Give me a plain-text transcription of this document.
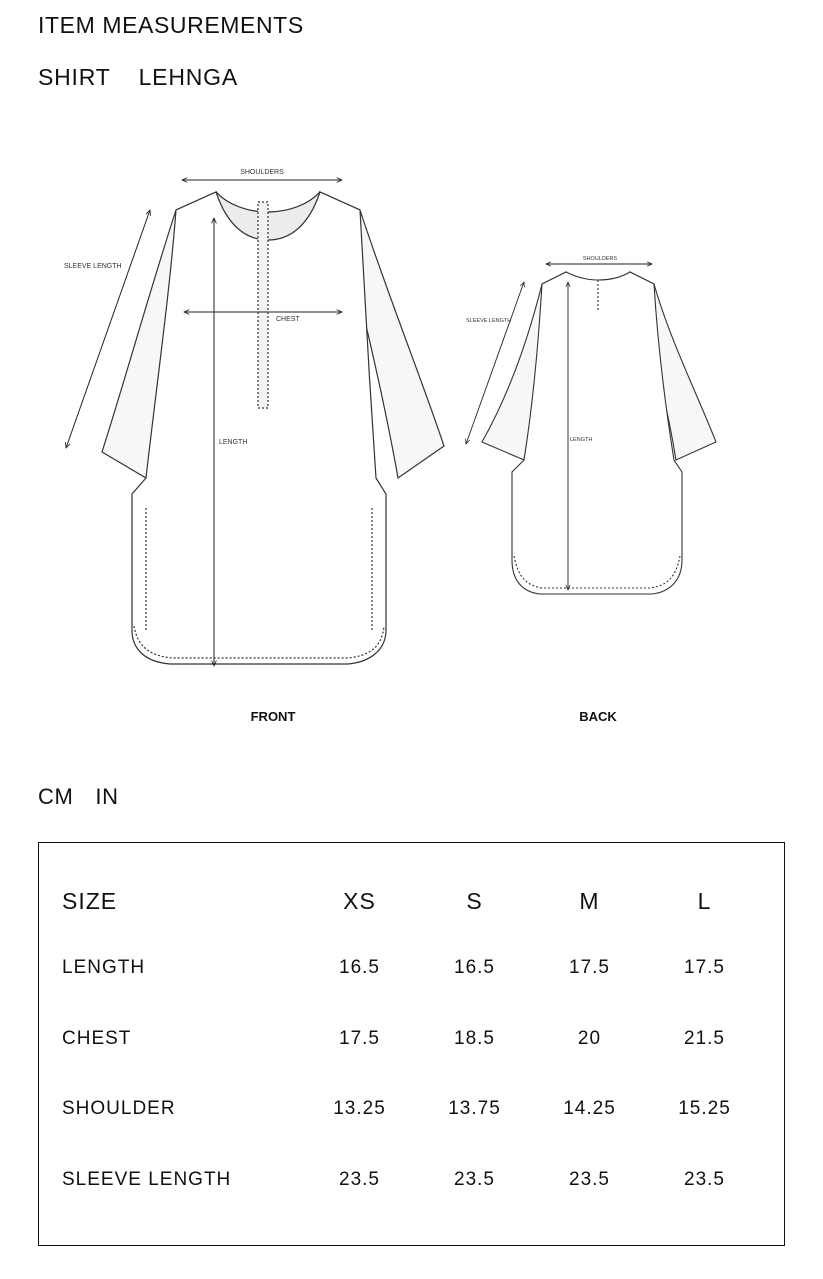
ITEM MEASUREMENTS
SHIRT LEHNGA
SHOULDERS
SLEEVE LENGTH
CHEST
LENGTH
FRONT
SHOULDERS
SLEEVE LENGTH
LENGTH
BACK
CM IN
SIZE	XS	S	M	L
LENGTH	16.5	16.5	17.5	17.5
CHEST	17.5	18.5	20	21.5
SHOULDER	13.25	13.75	14.25	15.25
SLEEVE LENGTH	23.5	23.5	23.5	23.5
